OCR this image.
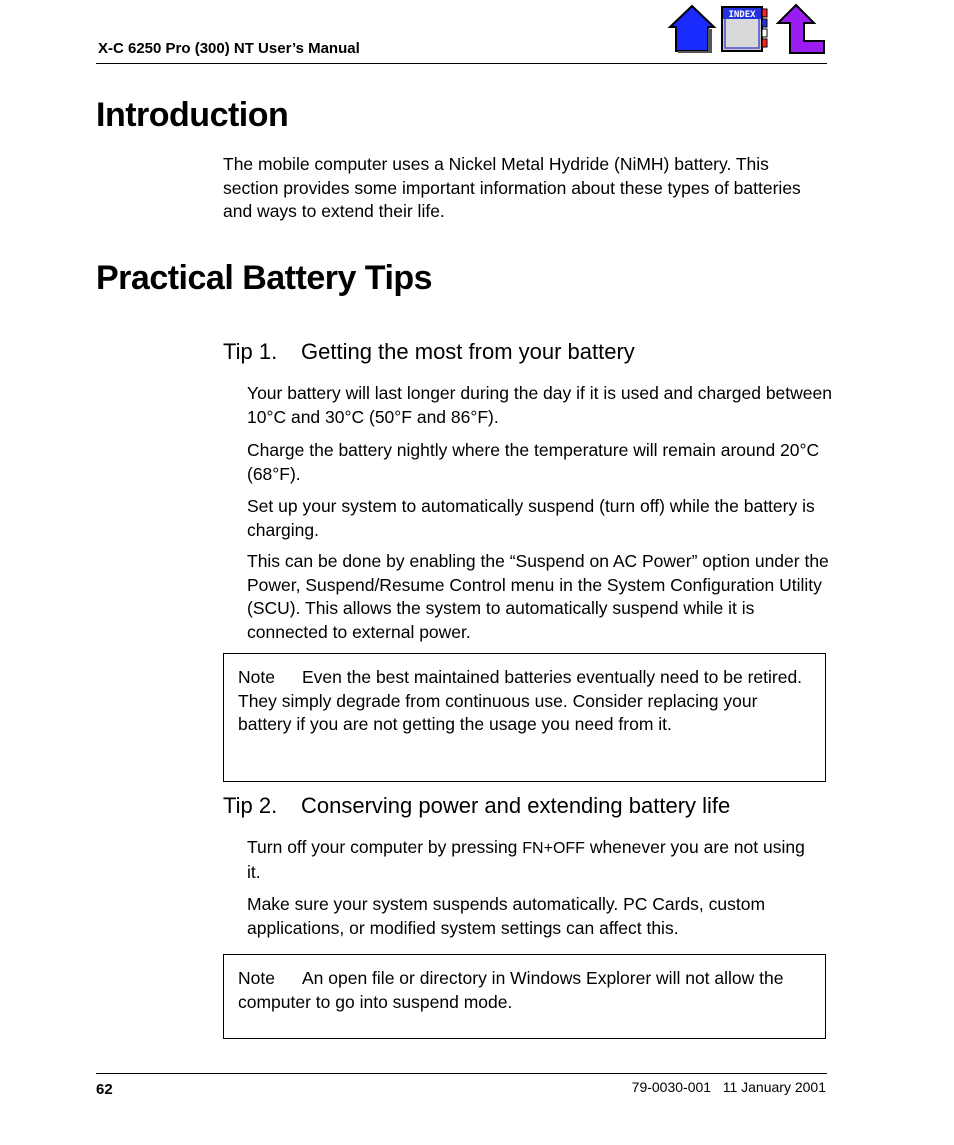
X-C 6250 Pro (300) NT User’s Manual
INDEX
Introduction
The mobile computer uses a Nickel Metal Hydride (NiMH) battery. This section provides some important information about these types of batteries and ways to extend their life.
Practical Battery Tips
Tip 1. Getting the most from your battery
Your battery will last longer during the day if it is used and charged between 10°C and 30°C (50°F and 86°F).
Charge the battery nightly where the temperature will remain around 20°C (68°F).
Set up your system to automatically suspend (turn off) while the battery is charging.
This can be done by enabling the “Suspend on AC Power” option under the Power, Suspend/Resume Control menu in the System Configuration Utility (SCU). This allows the system to automatically suspend while it is connected to external power.
Note Even the best maintained batteries eventually need to be retired. They simply degrade from continuous use. Consider replacing your battery if you are not getting the usage you need from it.
Tip 2. Conserving power and extending battery life
Turn off your computer by pressing FN+OFF whenever you are not using it.
Make sure your system suspends automatically. PC Cards, custom applications, or modified system settings can affect this.
Note An open file or directory in Windows Explorer will not allow the computer to go into suspend mode.
62	79-0030-001   11 January 2001
